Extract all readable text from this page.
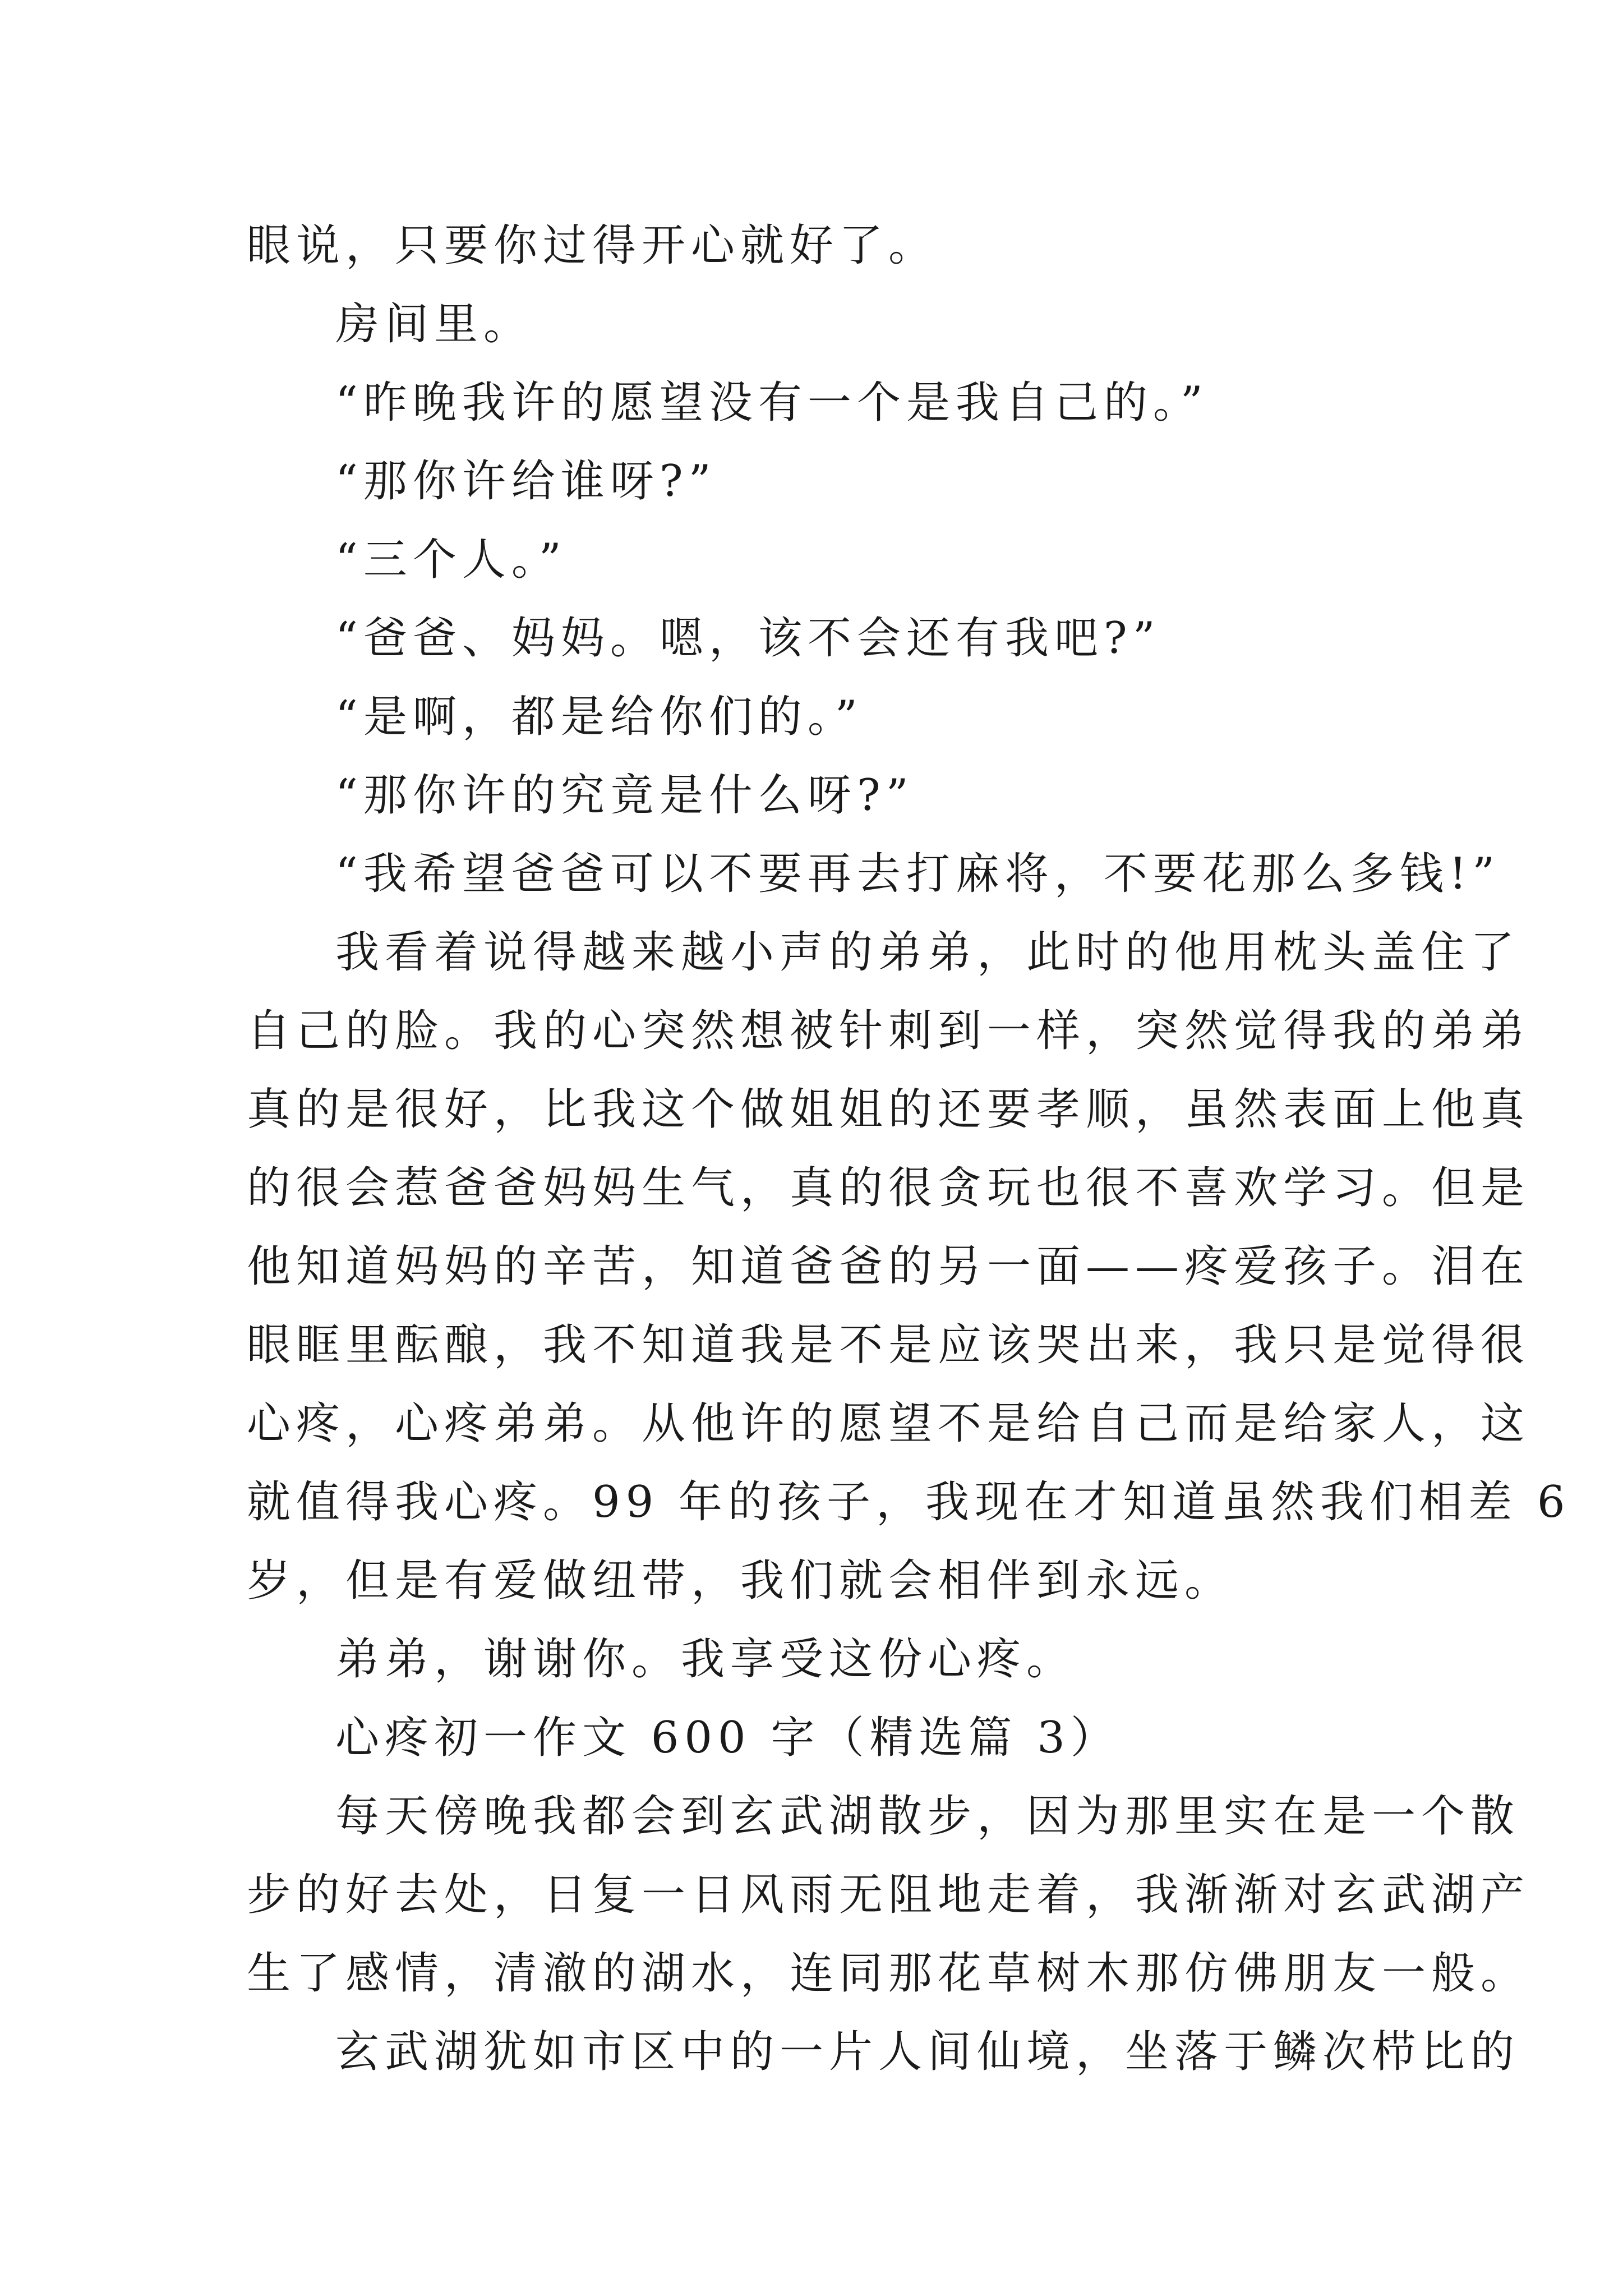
眼说，只要你过得开心就好了。

房间里。

“昨晚我许的愿望没有一个是我自己的。”

“那你许给谁呀?”

“三个人。”

“爸爸、妈妈。嗯，该不会还有我吧?”

“是啊，都是给你们的。”

“那你许的究竟是什么呀?”

“我希望爸爸可以不要再去打麻将，不要花那么多钱!”

我看着说得越来越小声的弟弟，此时的他用枕头盖住了

自己的脸。我的心突然想被针刺到一样，突然觉得我的弟弟

真的是很好，比我这个做姐姐的还要孝顺，虽然表面上他真

的很会惹爸爸妈妈生气，真的很贪玩也很不喜欢学习。但是

他知道妈妈的辛苦，知道爸爸的另一面——疼爱孩子。泪在

眼眶里酝酿，我不知道我是不是应该哭出来，我只是觉得很

心疼，心疼弟弟。从他许的愿望不是给自己而是给家人，这

就值得我心疼。99 年的孩子，我现在才知道虽然我们相差 6

岁，但是有爱做纽带，我们就会相伴到永远。

弟弟，谢谢你。我享受这份心疼。

心疼初一作文 600 字（精选篇 3）

每天傍晚我都会到玄武湖散步，因为那里实在是一个散

步的好去处，日复一日风雨无阻地走着，我渐渐对玄武湖产

生了感情，清澈的湖水，连同那花草树木那仿佛朋友一般。

玄武湖犹如市区中的一片人间仙境，坐落于鳞次栉比的
